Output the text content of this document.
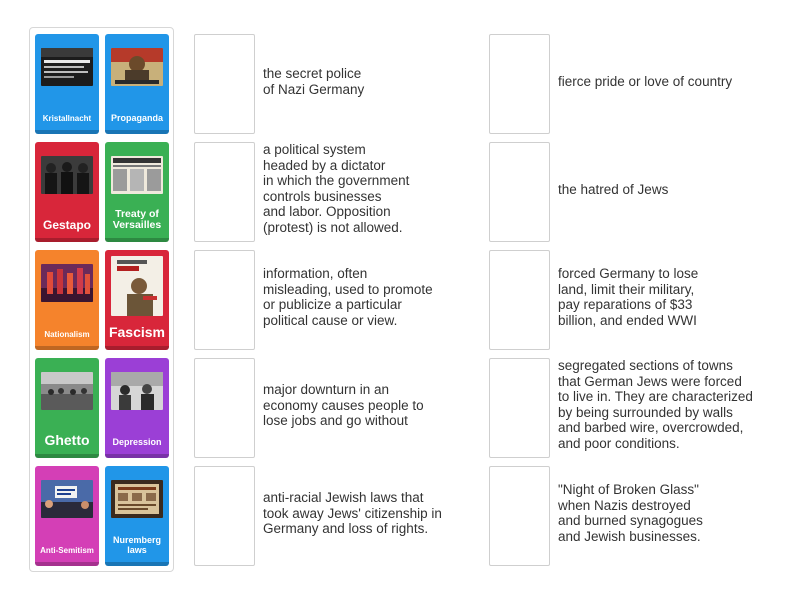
Kristallnacht	Propaganda
Gestapo
Treaty of Versailles
Nationalism	Fascism
Ghetto	Depression
Anti-Semitism
Nuremberg laws
the secret police
of Nazi Germany
a political system
headed by a dictator
in which the government
controls businesses
and labor. Opposition
(protest) is not allowed.
information, often
misleading, used to promote
or publicize a particular
political cause or view.
major downturn in an
economy causes people to
lose jobs and go without
anti-racial Jewish laws that
took away Jews' citizenship in
Germany and loss of rights.
fierce pride or love of country
the hatred of Jews
forced Germany to lose
land, limit their military,
pay reparations of $33
billion, and ended WWI
segregated sections of towns
that German Jews were forced
to live in. They are characterized
by being surrounded by walls
and barbed wire, overcrowded,
and poor conditions.
"Night of Broken Glass"
when Nazis destroyed
and burned synagogues
and Jewish businesses.
